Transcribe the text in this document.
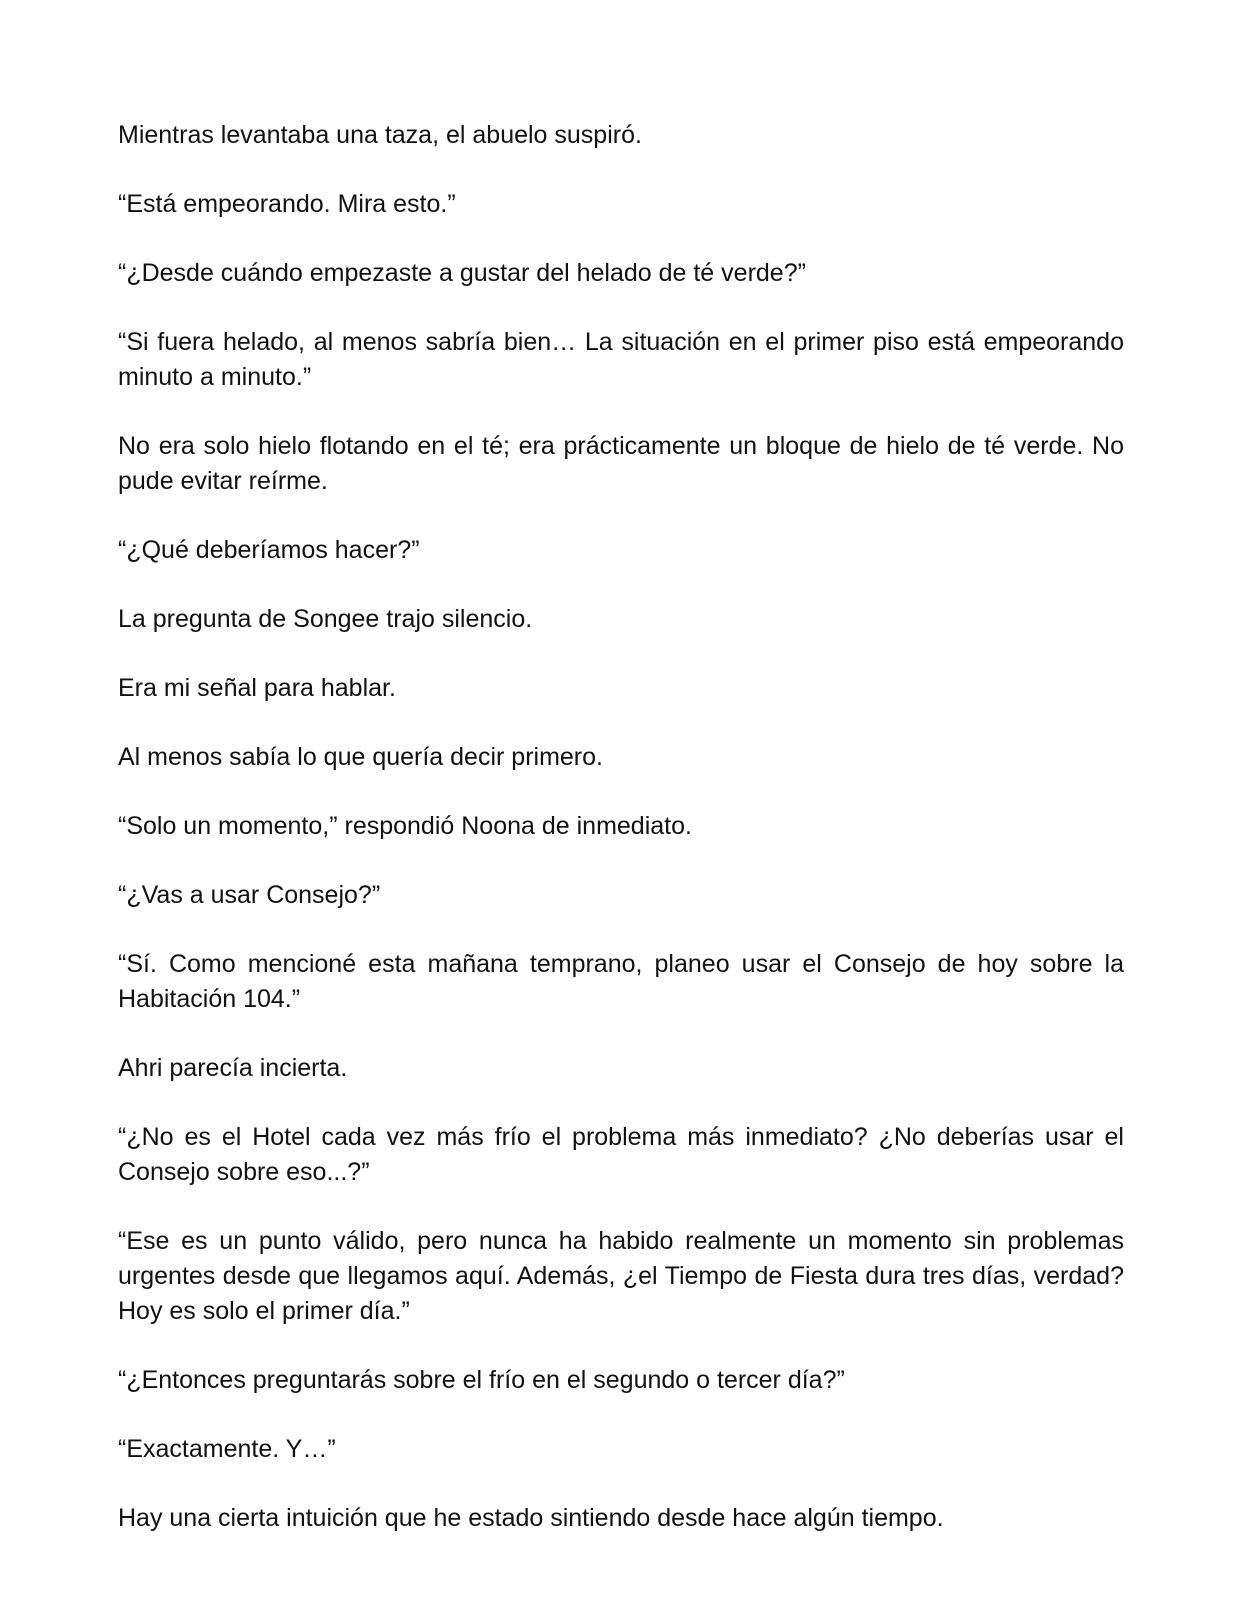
Mientras levantaba una taza, el abuelo suspiró.

“Está empeorando. Mira esto.”

“¿Desde cuándo empezaste a gustar del helado de té verde?”

“Si fuera helado, al menos sabría bien… La situación en el primer piso está empeorando minuto a minuto.”

No era solo hielo flotando en el té; era prácticamente un bloque de hielo de té verde. No pude evitar reírme.

“¿Qué deberíamos hacer?”

La pregunta de Songee trajo silencio.

Era mi señal para hablar.

Al menos sabía lo que quería decir primero.

“Solo un momento,” respondió Noona de inmediato.

“¿Vas a usar Consejo?”

“Sí. Como mencioné esta mañana temprano, planeo usar el Consejo de hoy sobre la Habitación 104.”

Ahri parecía incierta.

“¿No es el Hotel cada vez más frío el problema más inmediato? ¿No deberías usar el Consejo sobre eso...?”

“Ese es un punto válido, pero nunca ha habido realmente un momento sin problemas urgentes desde que llegamos aquí. Además, ¿el Tiempo de Fiesta dura tres días, verdad? Hoy es solo el primer día.”

“¿Entonces preguntarás sobre el frío en el segundo o tercer día?”

“Exactamente. Y…”

Hay una cierta intuición que he estado sintiendo desde hace algún tiempo.
